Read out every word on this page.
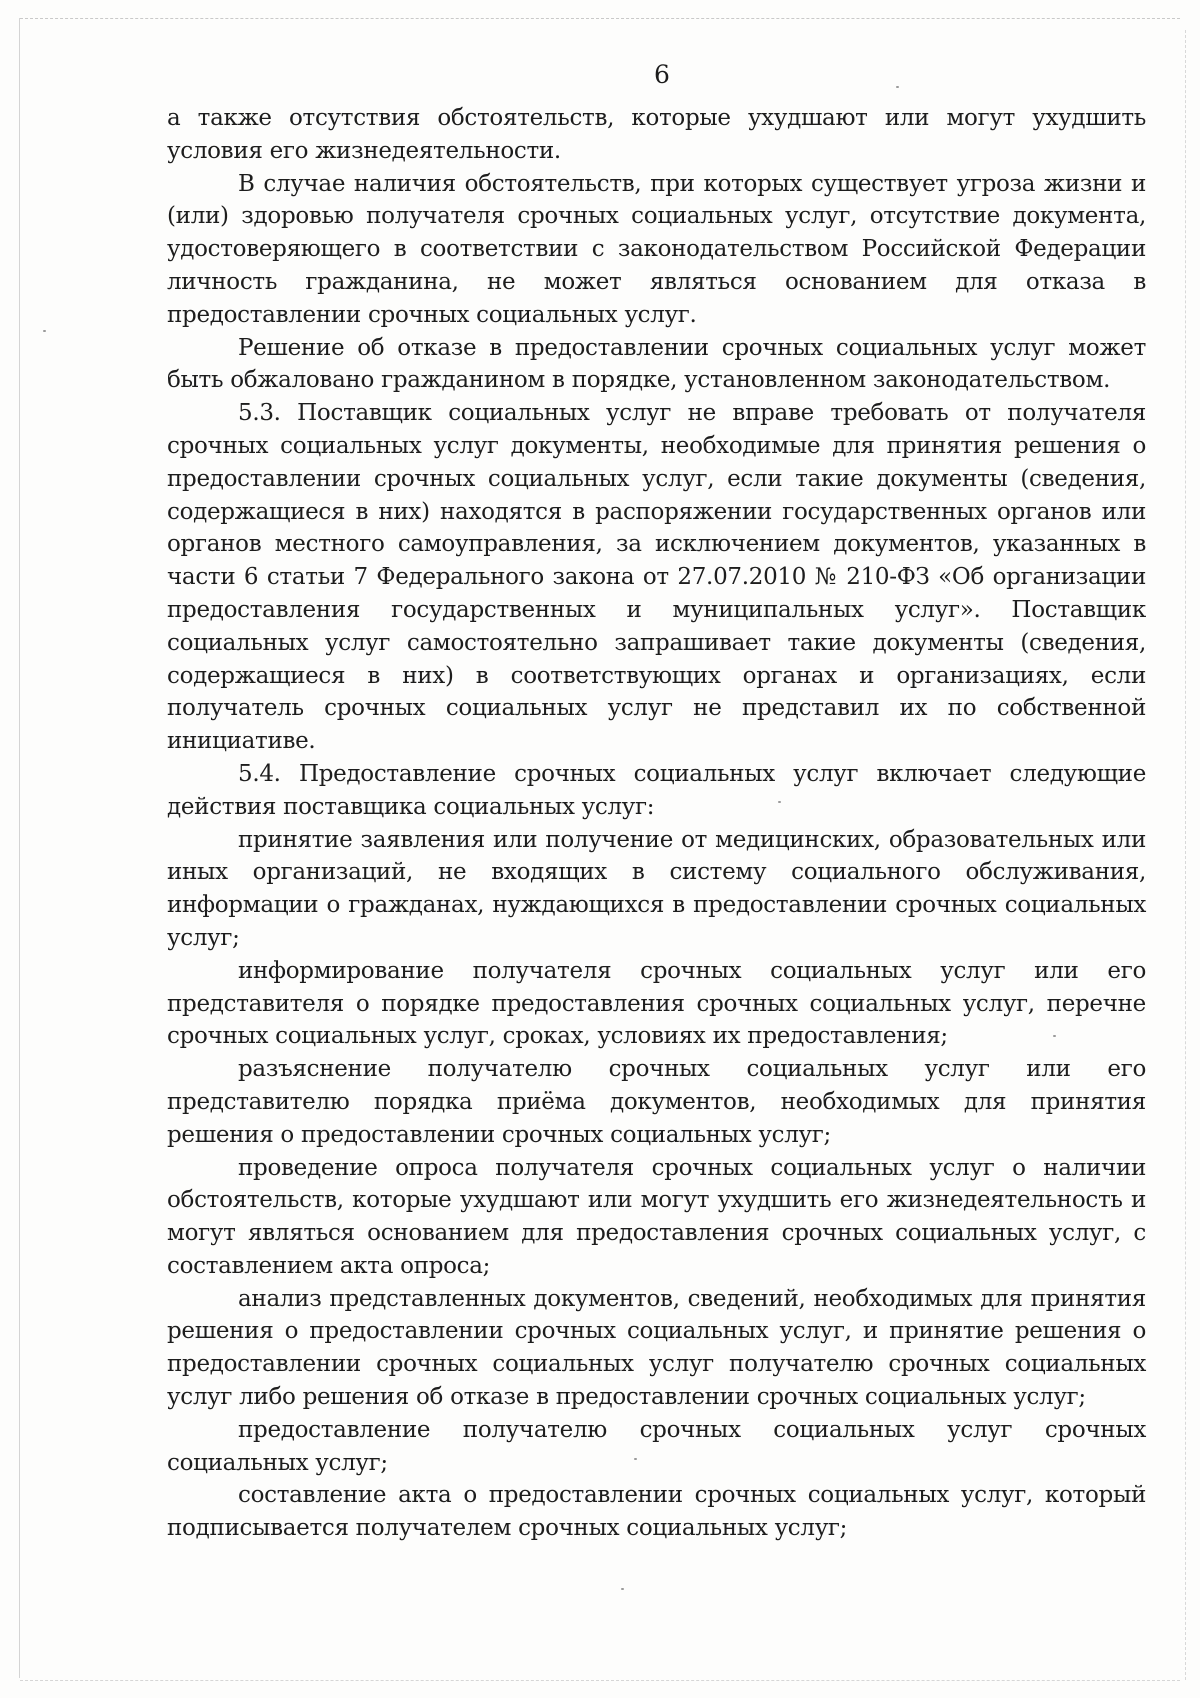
6

а также отсутствия обстоятельств, которые ухудшают или могут ухудшить условия его жизнедеятельности.

В случае наличия обстоятельств, при которых существует угроза жизни и (или) здоровью получателя срочных социальных услуг, отсутствие документа, удостоверяющего в соответствии с законодательством Российской Федерации личность гражданина, не может являться основанием для отказа в предоставлении срочных социальных услуг.

Решение об отказе в предоставлении срочных социальных услуг может быть обжаловано гражданином в порядке, установленном законодательством.

5.3. Поставщик социальных услуг не вправе требовать от получателя срочных социальных услуг документы, необходимые для принятия решения о предоставлении срочных социальных услуг, если такие документы (сведения, содержащиеся в них) находятся в распоряжении государственных органов или органов местного самоуправления, за исключением документов, указанных в части 6 статьи 7 Федерального закона от 27.07.2010 № 210-ФЗ «Об организации предоставления государственных и муниципальных услуг». Поставщик социальных услуг самостоятельно запрашивает такие документы (сведения, содержащиеся в них) в соответствующих органах и организациях, если получатель срочных социальных услуг не представил их по собственной инициативе.

5.4. Предоставление срочных социальных услуг включает следующие действия поставщика социальных услуг:

принятие заявления или получение от медицинских, образовательных или иных организаций, не входящих в систему социального обслуживания, информации о гражданах, нуждающихся в предоставлении срочных социальных услуг;

информирование получателя срочных социальных услуг или его представителя о порядке предоставления срочных социальных услуг, перечне срочных социальных услуг, сроках, условиях их предоставления;

разъяснение получателю срочных социальных услуг или его представителю порядка приёма документов, необходимых для принятия решения о предоставлении срочных социальных услуг;

проведение опроса получателя срочных социальных услуг о наличии обстоятельств, которые ухудшают или могут ухудшить его жизнедеятельность и могут являться основанием для предоставления срочных социальных услуг, с составлением акта опроса;

анализ представленных документов, сведений, необходимых для принятия решения о предоставлении срочных социальных услуг, и принятие решения о предоставлении срочных социальных услуг получателю срочных социальных услуг либо решения об отказе в предоставлении срочных социальных услуг;

предоставление получателю срочных социальных услуг срочных социальных услуг;

составление акта о предоставлении срочных социальных услуг, который подписывается получателем срочных социальных услуг;
